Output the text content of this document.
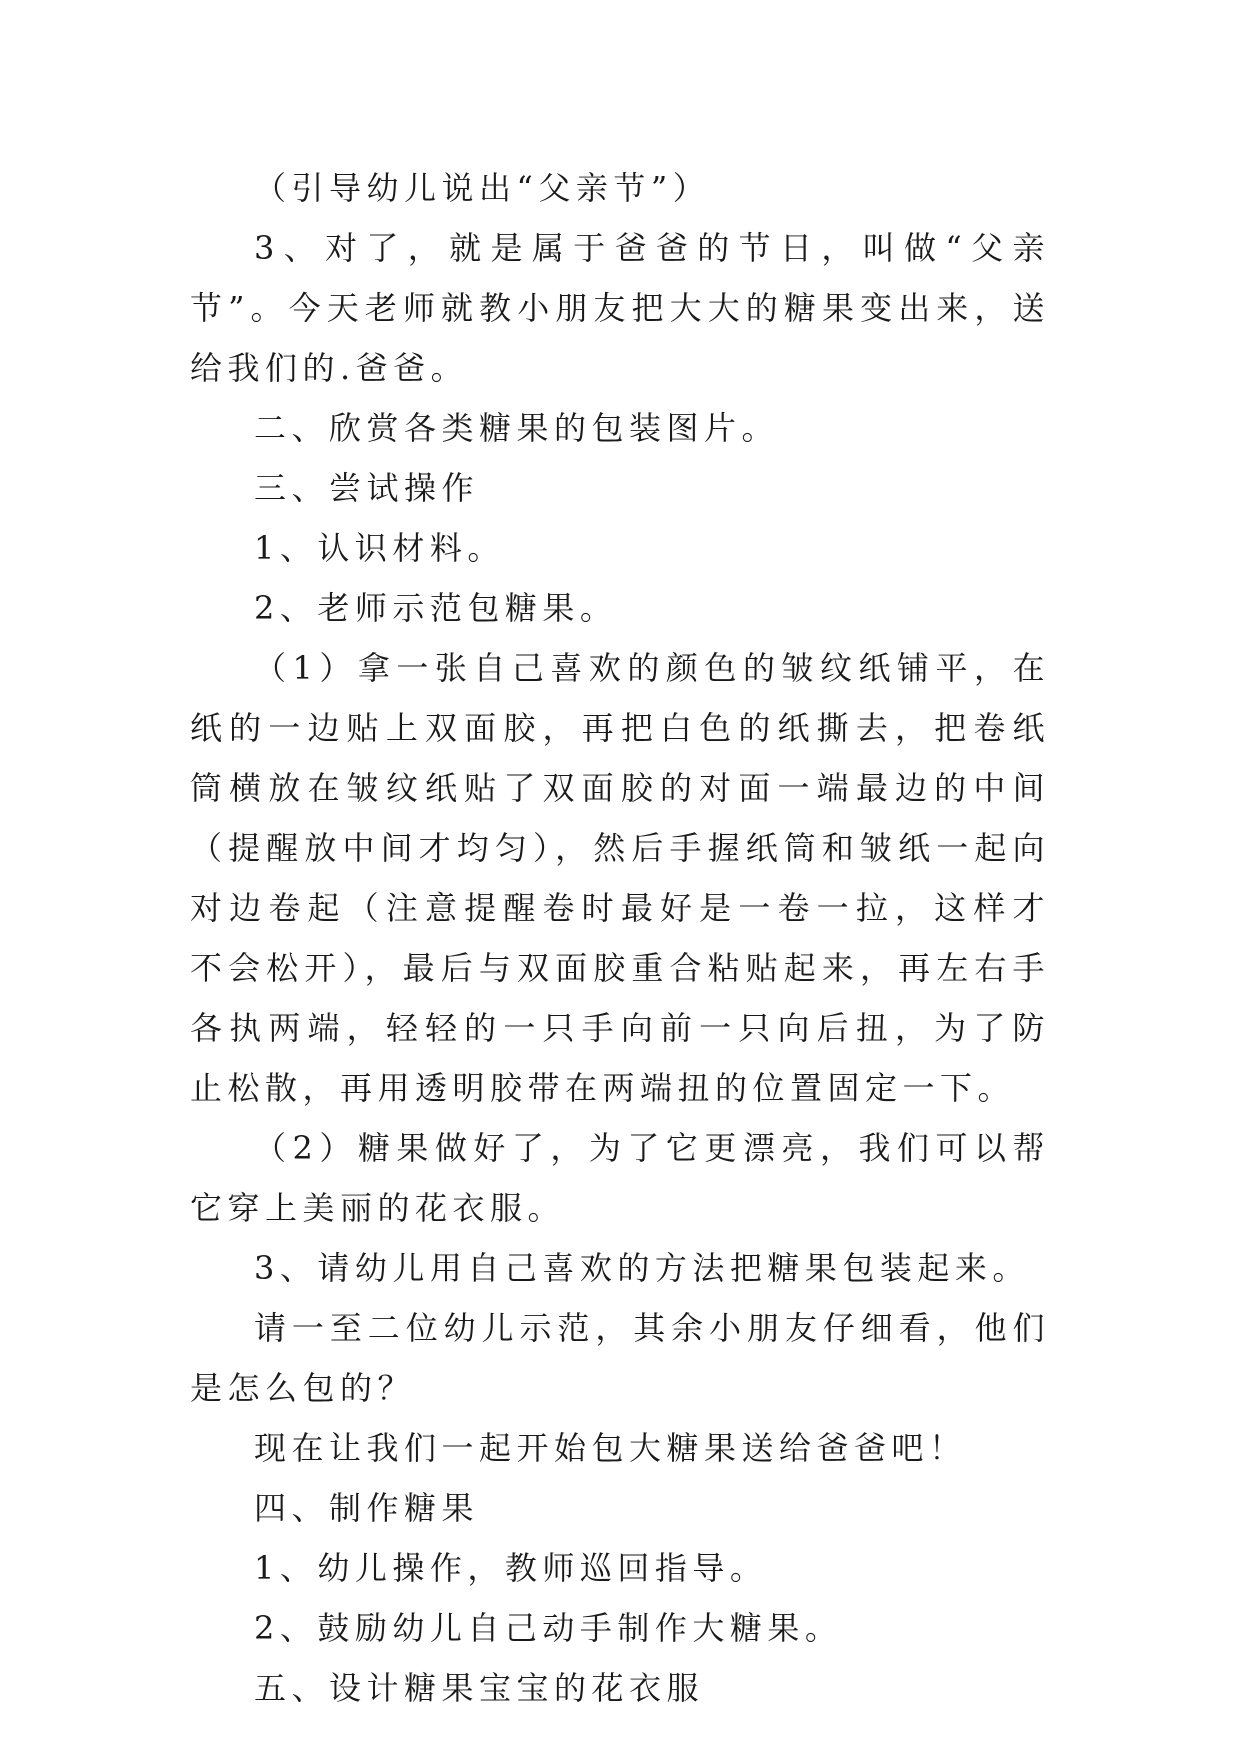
（引导幼儿说出“父亲节”）

3、对了，就是属于爸爸的节日，叫做“父亲节”。今天老师就教小朋友把大大的糖果变出来，送给我们的.爸爸。

二、欣赏各类糖果的包装图片。

三、尝试操作

1、认识材料。

2、老师示范包糖果。

（1）拿一张自己喜欢的颜色的皱纹纸铺平，在纸的一边贴上双面胶，再把白色的纸撕去，把卷纸筒横放在皱纹纸贴了双面胶的对面一端最边的中间（提醒放中间才均匀），然后手握纸筒和皱纸一起向对边卷起（注意提醒卷时最好是一卷一拉，这样才不会松开），最后与双面胶重合粘贴起来，再左右手各执两端，轻轻的一只手向前一只向后扭，为了防止松散，再用透明胶带在两端扭的位置固定一下。

（2）糖果做好了，为了它更漂亮，我们可以帮它穿上美丽的花衣服。

3、请幼儿用自己喜欢的方法把糖果包装起来。

请一至二位幼儿示范，其余小朋友仔细看，他们是怎么包的？

现在让我们一起开始包大糖果送给爸爸吧！

四、制作糖果

1、幼儿操作，教师巡回指导。

2、鼓励幼儿自己动手制作大糖果。

五、设计糖果宝宝的花衣服
